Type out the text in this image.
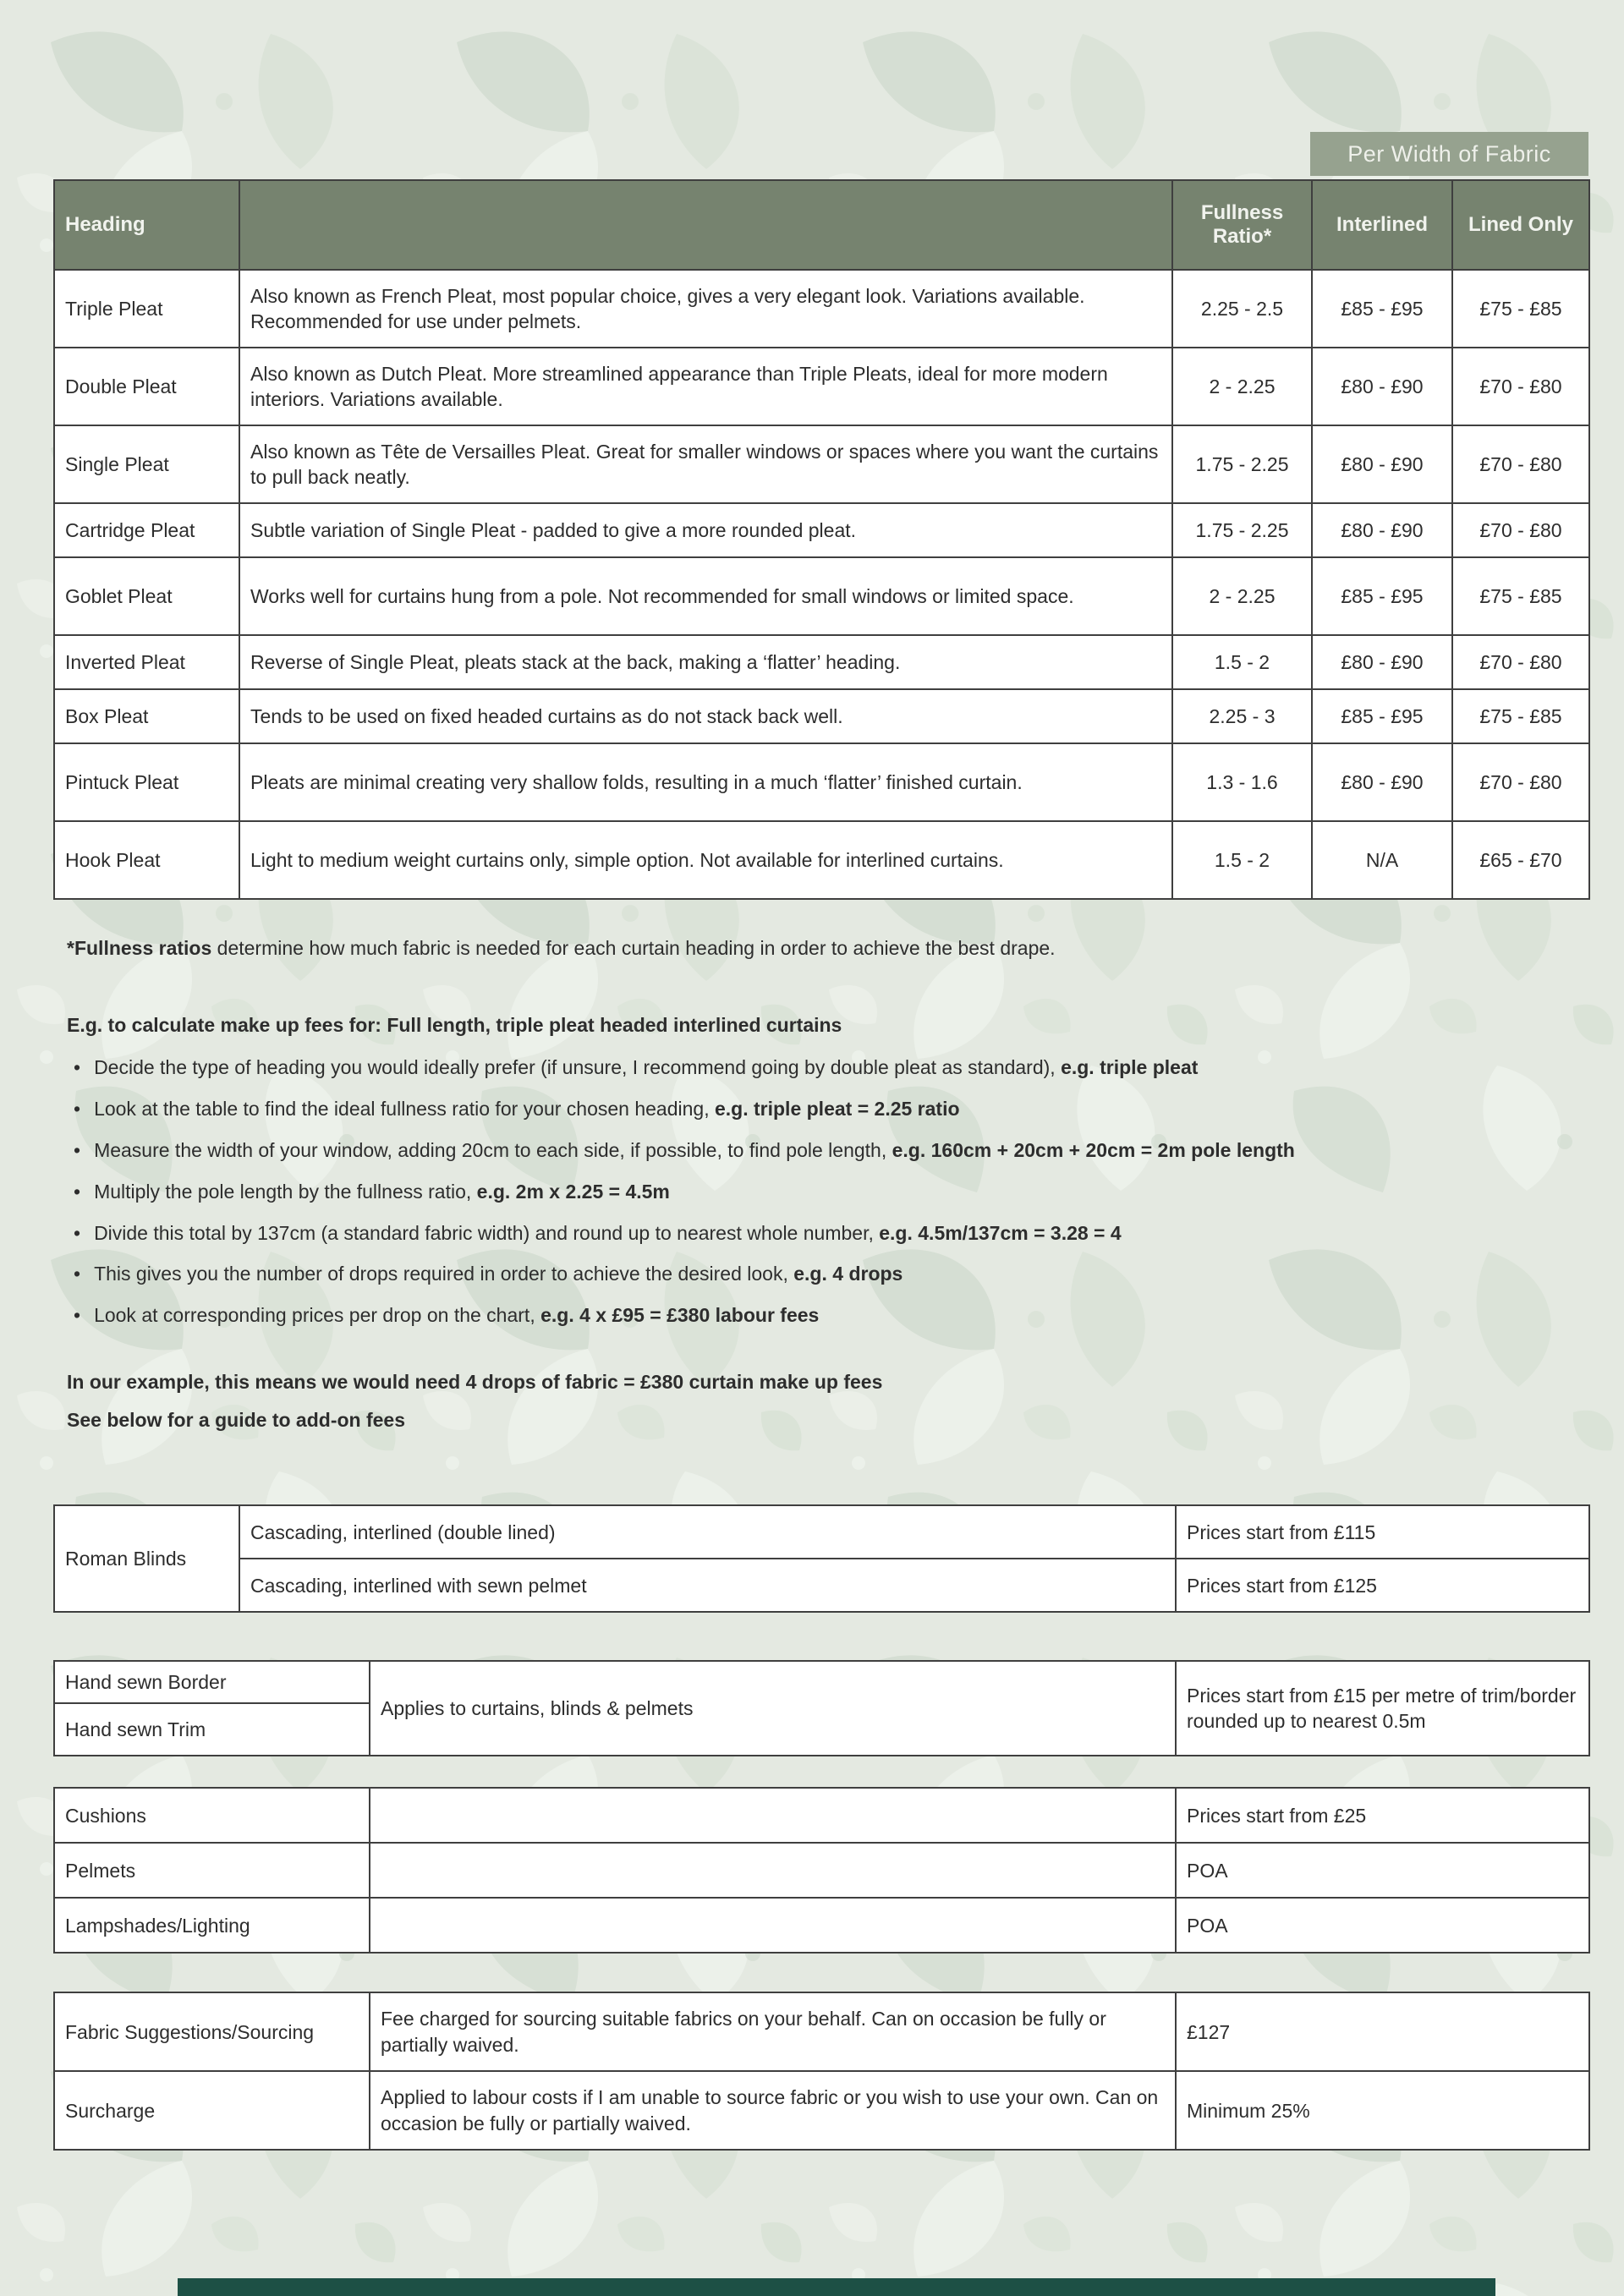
Per Width of Fabric
Heading		Fullness Ratio*	Interlined	Lined Only
Triple Pleat	Also known as French Pleat, most popular choice, gives a very elegant look. Variations available. Recommended for use under pelmets.	2.25 - 2.5	£85 - £95	£75 - £85
Double Pleat	Also known as Dutch Pleat. More streamlined appearance than Triple Pleats, ideal for more modern interiors. Variations available.	2 - 2.25	£80 - £90	£70 - £80
Single Pleat	Also known as Tête de Versailles Pleat. Great for smaller windows or spaces where you want the curtains to pull back neatly.	1.75 - 2.25	£80 - £90	£70 - £80
Cartridge Pleat	Subtle variation of Single Pleat - padded to give a more rounded pleat.	1.75 - 2.25	£80 - £90	£70 - £80
Goblet Pleat	Works well for curtains hung from a pole. Not recommended for small windows or limited space.	2 - 2.25	£85 - £95	£75 - £85
Inverted Pleat	Reverse of Single Pleat, pleats stack at the back, making a ‘flatter’ heading.	1.5 - 2	£80 - £90	£70 - £80
Box Pleat	Tends to be used on fixed headed curtains as do not stack back well.	2.25 - 3	£85 - £95	£75 - £85
Pintuck Pleat	Pleats are minimal creating very shallow folds, resulting in a much ‘flatter’ finished curtain.	1.3 - 1.6	£80 - £90	£70 - £80
Hook Pleat	Light to medium weight curtains only, simple option. Not available for interlined curtains.	1.5 - 2	N/A	£65 - £70
*Fullness ratios determine how much fabric is needed for each curtain heading in order to achieve the best drape.
E.g. to calculate make up fees for: Full length, triple pleat headed interlined curtains
•
Decide the type of heading you would ideally prefer (if unsure, I recommend going by double pleat as standard), e.g. triple pleat
•
Look at the table to find the ideal fullness ratio for your chosen heading, e.g. triple pleat = 2.25 ratio
•
Measure the width of your window, adding 20cm to each side, if possible, to find pole length, e.g. 160cm + 20cm + 20cm = 2m pole length
•
Multiply the pole length by the fullness ratio, e.g. 2m x 2.25 = 4.5m
•
Divide this total by 137cm (a standard fabric width) and round up to nearest whole number, e.g. 4.5m/137cm = 3.28 = 4
•
This gives you the number of drops required in order to achieve the desired look, e.g. 4 drops
•
Look at corresponding prices per drop on the chart, e.g. 4 x £95 = £380 labour fees
In our example, this means we would need 4 drops of fabric = £380 curtain make up fees
See below for a guide to add-on fees
Roman Blinds	Cascading, interlined (double lined)	Prices start from £115
	Cascading, interlined with sewn pelmet	Prices start from £125
Hand sewn Border	Applies to curtains, blinds & pelmets	Prices start from £15 per metre of trim/border rounded up to nearest 0.5m
Hand sewn Trim
Cushions		Prices start from £25
Pelmets		POA
Lampshades/Lighting		POA
Fabric Suggestions/Sourcing	Fee charged for sourcing suitable fabrics on your behalf. Can on occasion be fully or partially waived.	£127
Surcharge	Applied to labour costs if I am unable to source fabric or you wish to use your own. Can on occasion be fully or partially waived.	Minimum 25%
